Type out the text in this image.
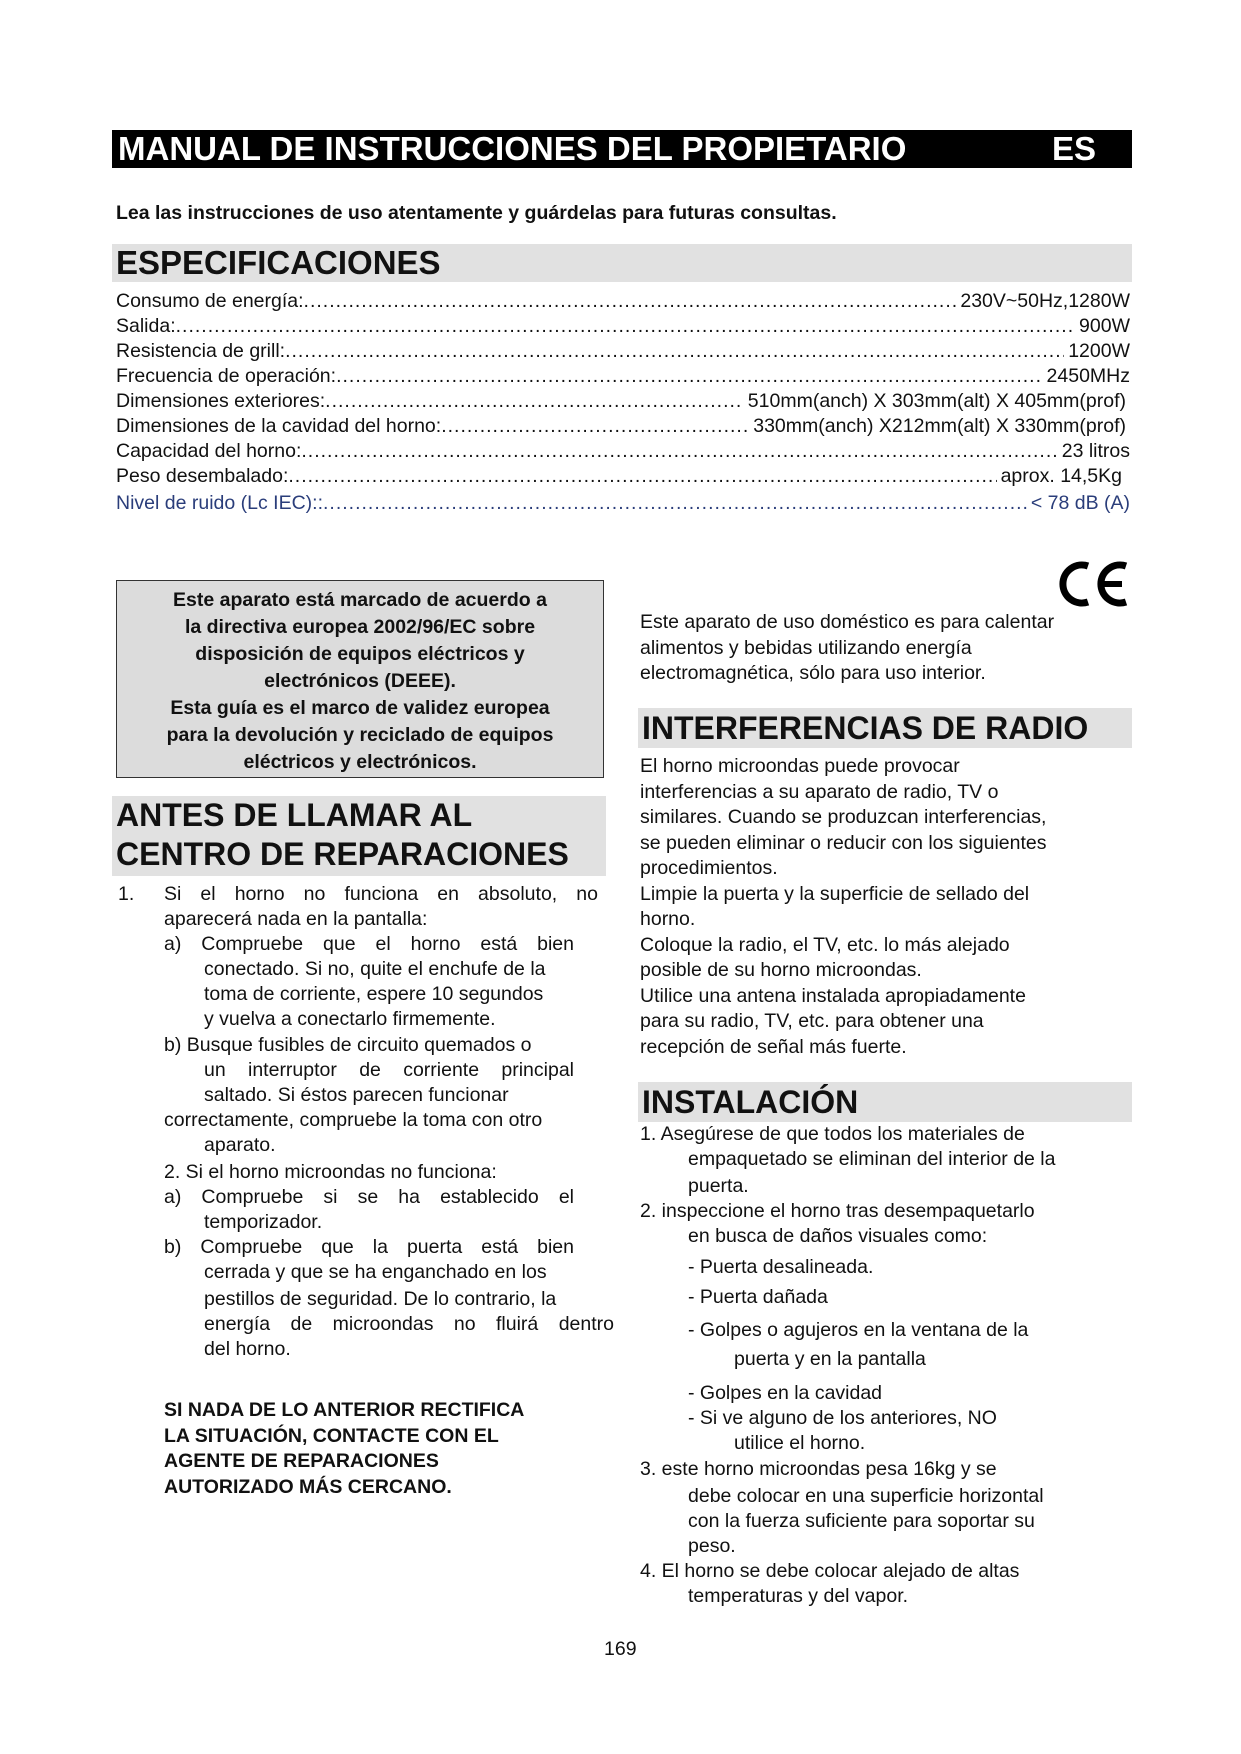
MANUAL DE INSTRUCCIONES DEL PROPIETARIO	ES
Lea las instrucciones de uso atentamente y guárdelas para futuras consultas.
ESPECIFICACIONES
Consumo de energía: .....	230V~50Hz,1280W
Salida: .....	900W
Resistencia de grill: .....	1200W
Frecuencia de operación: .....	2450MHz
Dimensiones exteriores: .....	510mm(anch) X 303mm(alt) X 405mm(prof)
Dimensiones de la cavidad del horno: .....	330mm(anch) X212mm(alt) X 330mm(prof)
Capacidad del horno: .....	23 litros
Peso desembalado: .....	aprox. 14,5Kg
Nivel de ruido (Lc IEC):: .....	< 78 dB (A)
Este aparato está marcado de acuerdo a
la directiva europea 2002/96/EC sobre
disposición de equipos eléctricos y
electrónicos (DEEE).
Esta guía es el marco de validez europea
para la devolución y reciclado de equipos
eléctricos y electrónicos.
Este aparato de uso doméstico es para calentar
alimentos y bebidas utilizando energía
electromagnética, sólo para uso interior.
ANTES DE LLAMAR AL
CENTRO DE REPARACIONES
1. Si el horno no funciona en absoluto, no
aparecerá nada en la pantalla:
a) Compruebe que el horno está bien
conectado. Si no, quite el enchufe de la
toma de corriente, espere 10 segundos
y vuelva a conectarlo firmemente.
b) Busque fusibles de circuito quemados o
un interruptor de corriente principal
saltado. Si éstos parecen funcionar
correctamente, compruebe la toma con otro
aparato.
2. Si el horno microondas no funciona:
a) Compruebe si se ha establecido el
temporizador.
b) Compruebe que la puerta está bien
cerrada y que se ha enganchado en los
pestillos de seguridad. De lo contrario, la
energía de microondas no fluirá dentro
del horno.
SI NADA DE LO ANTERIOR RECTIFICA
LA SITUACIÓN, CONTACTE CON EL
AGENTE DE REPARACIONES
AUTORIZADO MÁS CERCANO.
INTERFERENCIAS DE RADIO
El horno microondas puede provocar
interferencias a su aparato de radio, TV o
similares. Cuando se produzcan interferencias,
se pueden eliminar o reducir con los siguientes
procedimientos.
Limpie la puerta y la superficie de sellado del
horno.
Coloque la radio, el TV, etc. lo más alejado
posible de su horno microondas.
Utilice una antena instalada apropiadamente
para su radio, TV, etc. para obtener una
recepción de señal más fuerte.
INSTALACIÓN
1. Asegúrese de que todos los materiales de
empaquetado se eliminan del interior de la
puerta.
2. inspeccione el horno tras desempaquetarlo
en busca de daños visuales como:
- Puerta desalineada.
- Puerta dañada
- Golpes o agujeros en la ventana de la
puerta y en la pantalla
- Golpes en la cavidad
- Si ve alguno de los anteriores, NO
utilice el horno.
3. este horno microondas pesa 16kg y se
debe colocar en una superficie horizontal
con la fuerza suficiente para soportar su
peso.
4. El horno se debe colocar alejado de altas
temperaturas y del vapor.
169
